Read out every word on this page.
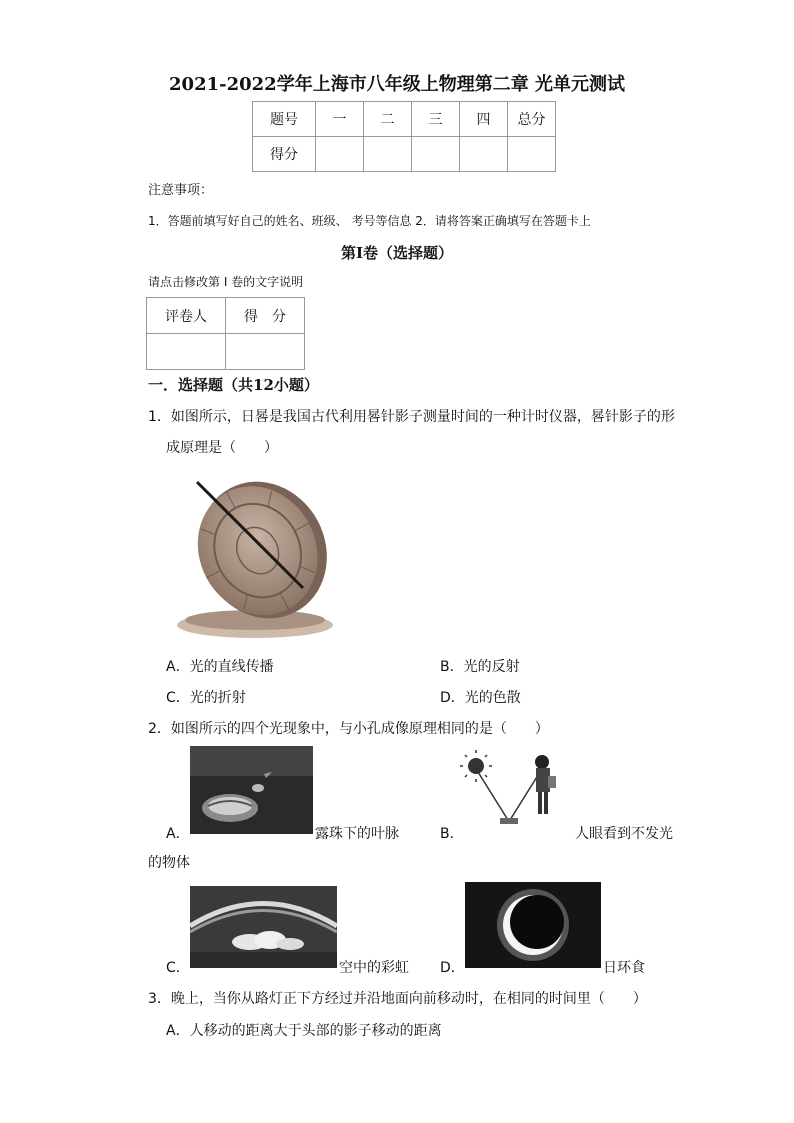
2021-2022学年上海市八年级上物理第二章 光单元测试
题号	一	二	三	四	总分
得分					
注意事项：
1．答题前填写好自己的姓名、班级、 考号等信息 2．请将答案正确填写在答题卡上
第Ⅰ卷（选择题）
请点击修改第 I 卷的文字说明
评卷人	得　分

一．选择题（共12小题）
1．如图所示，日晷是我国古代利用晷针影子测量时间的一种计时仪器，晷针影子的形
成原理是（　　）
A．光的直线传播	B．光的反射
C．光的折射	D．光的色散
2．如图所示的四个光现象中，与小孔成像原理相同的是（　　）
A．	露珠下的叶脉	B．	人眼看到不发光
的物体
C．	空中的彩虹 D．	日环食
3．晚上，当你从路灯正下方经过并沿地面向前移动时，在相同的时间里（　　）
A．人移动的距离大于头部的影子移动的距离
